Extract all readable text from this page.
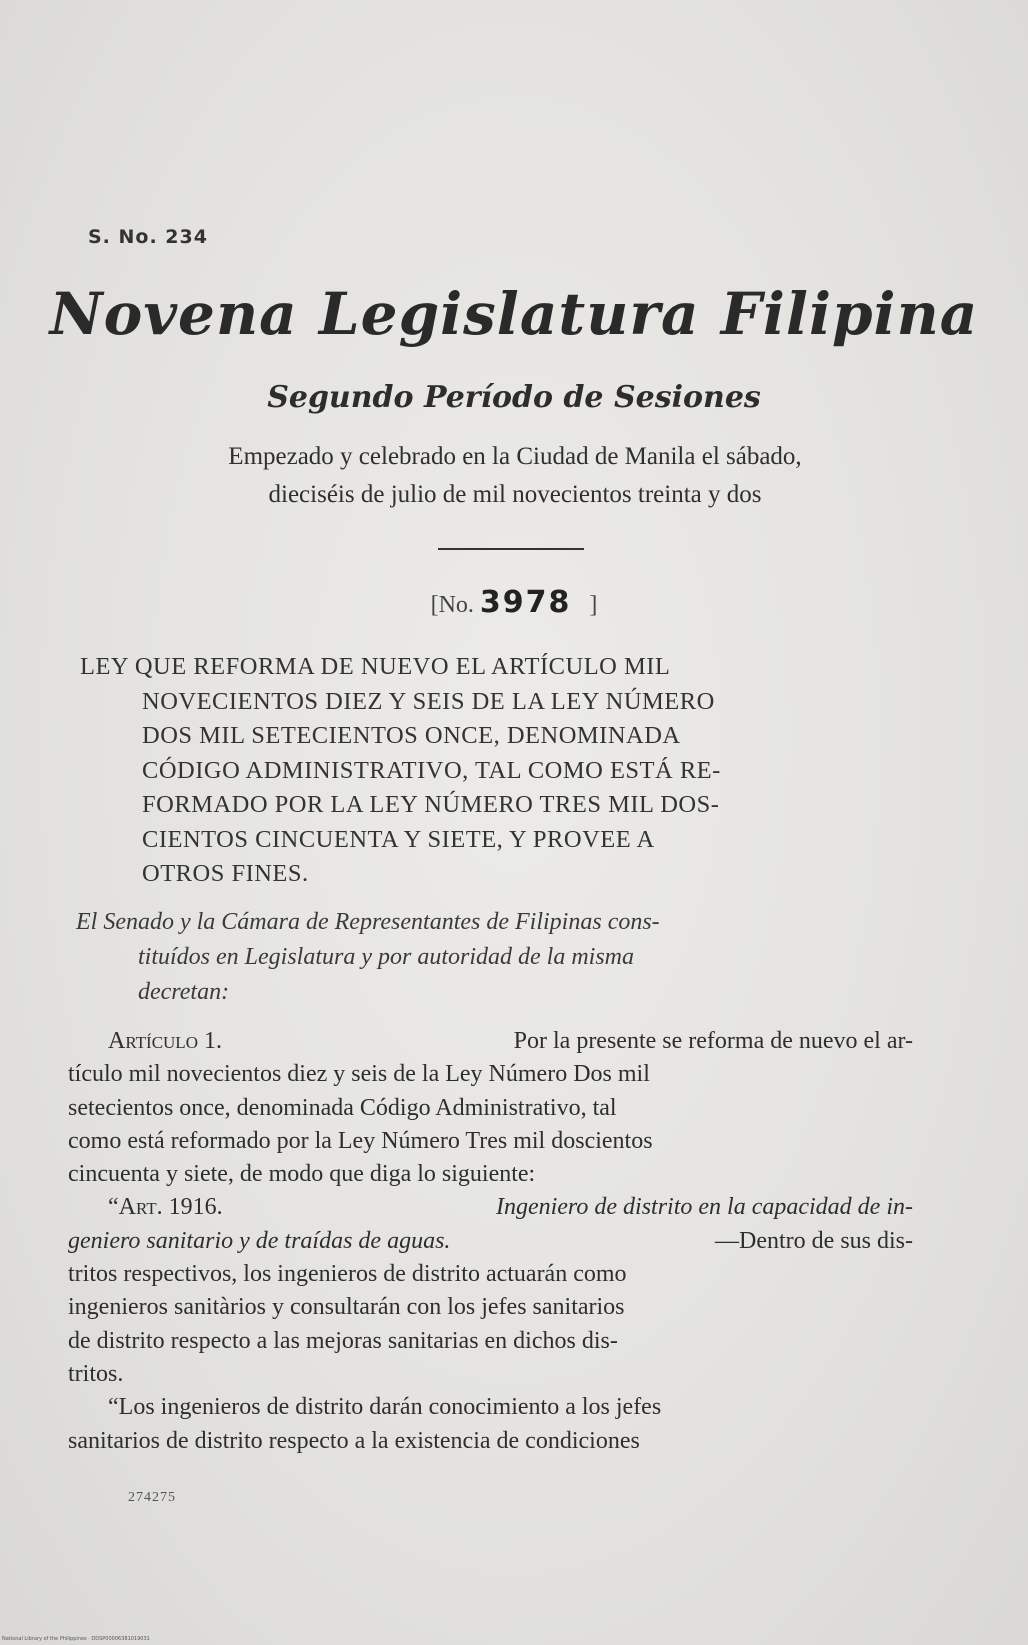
S. No. 234
Novena Legislatura Filipina
Segundo Período de Sesiones
Empezado y celebrado en la Ciudad de Manila el sábado,
dieciséis de julio de mil novecientos treinta y dos
[No. 3978 ]
LEY QUE REFORMA DE NUEVO EL ARTÍCULO MIL
NOVECIENTOS DIEZ Y SEIS DE LA LEY NÚMERO
DOS MIL SETECIENTOS ONCE, DENOMINADA
CÓDIGO ADMINISTRATIVO, TAL COMO ESTÁ RE-
FORMADO POR LA LEY NÚMERO TRES MIL DOS-
CIENTOS CINCUENTA Y SIETE, Y PROVEE A
OTROS FINES.
El Senado y la Cámara de Representantes de Filipinas cons-
tituídos en Legislatura y por autoridad de la misma
decretan:
Artículo 1.	Por la presente se reforma de nuevo el ar-
tículo mil novecientos diez y seis de la Ley Número Dos mil
setecientos once, denominada Código Administrativo, tal
como está reformado por la Ley Número Tres mil doscientos
cincuenta y siete, de modo que diga lo siguiente:
“Art. 1916.	Ingeniero de distrito en la capacidad de in-
geniero sanitario y de traídas de aguas.	—Dentro de sus dis-
tritos respectivos, los ingenieros de distrito actuarán como
ingenieros sanitàrios y consultarán con los jefes sanitarios
de distrito respecto a las mejoras sanitarias en dichos dis-
tritos.
“Los ingenieros de distrito darán conocimiento a los jefes
sanitarios de distrito respecto a la existencia de condiciones
274275
National Library of the Philippines · DDSP00006381019031
